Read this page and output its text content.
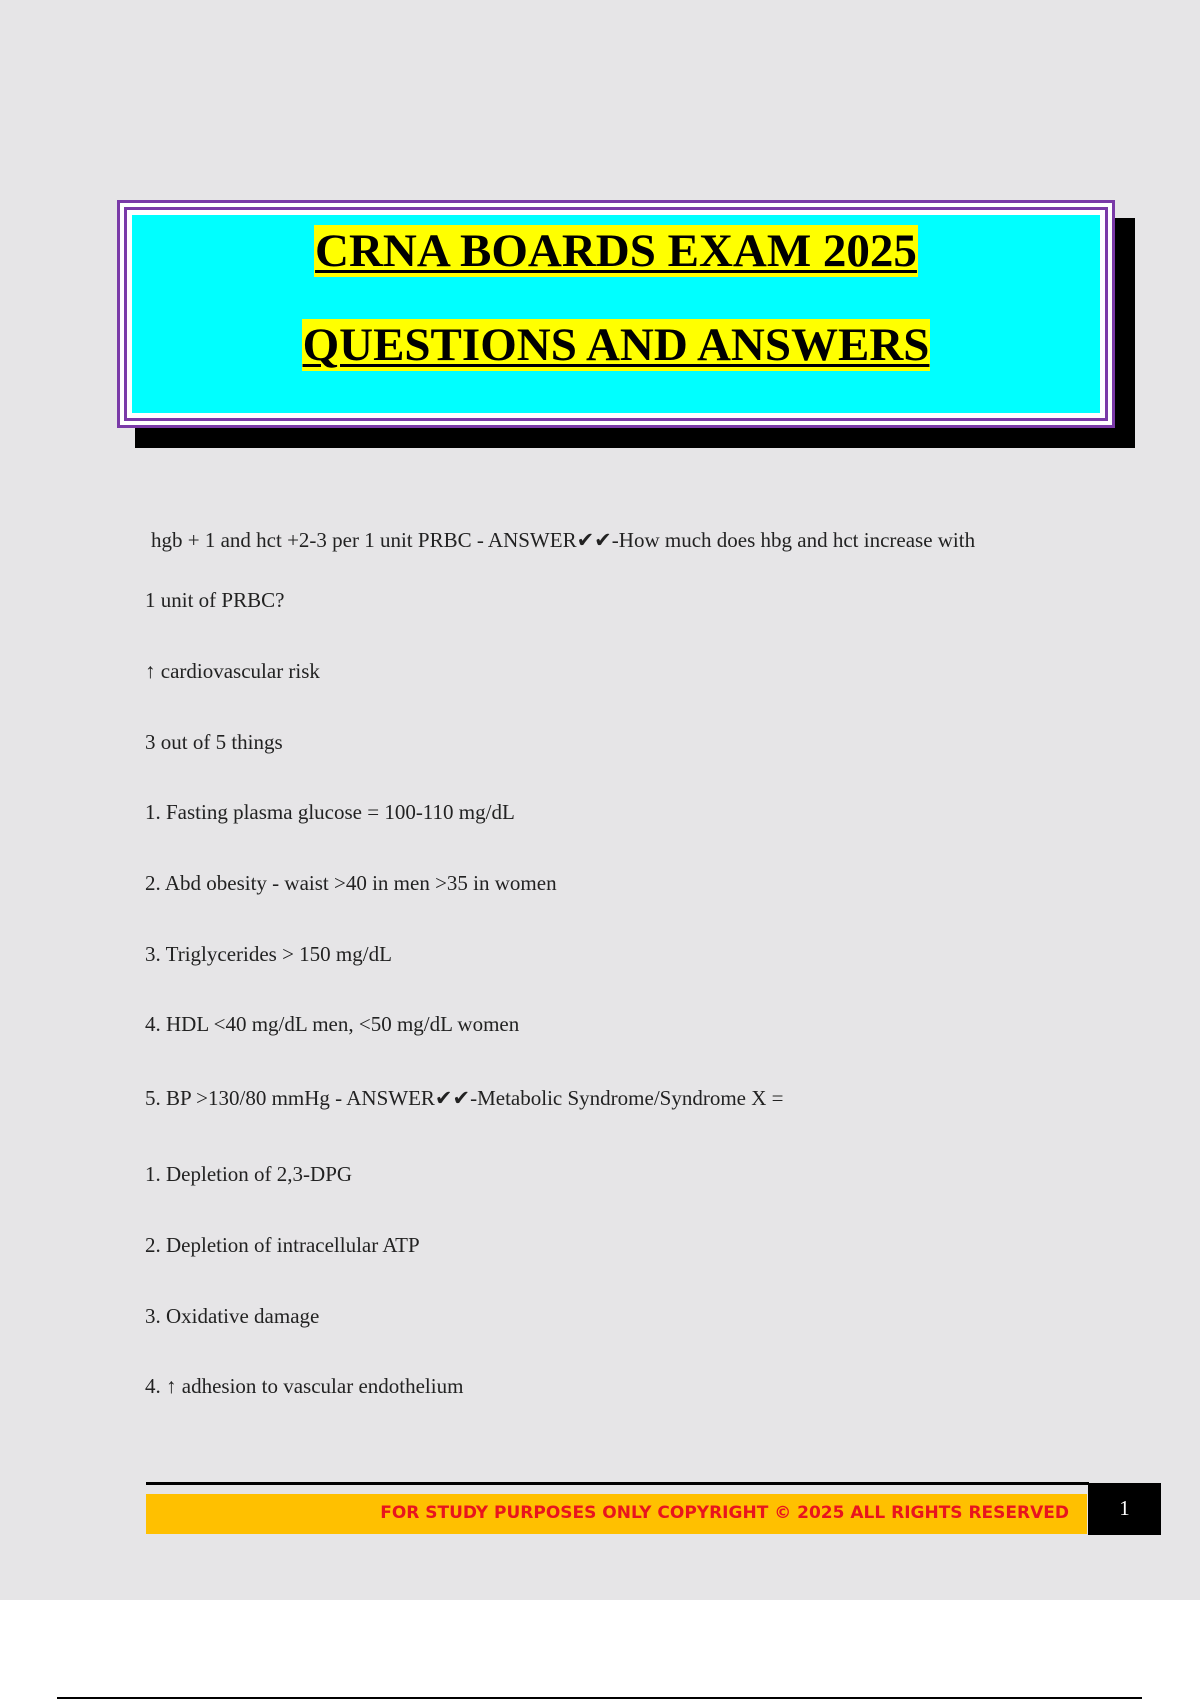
CRNA BOARDS EXAM 2025
QUESTIONS AND ANSWERS
hgb + 1 and hct +2-3 per 1 unit PRBC - ANSWER✔✔-How much does hbg and hct increase with
1 unit of PRBC?
↑ cardiovascular risk
3 out of 5 things
1. Fasting plasma glucose = 100-110 mg/dL
2. Abd obesity - waist >40 in men >35 in women
3. Triglycerides > 150 mg/dL
4. HDL <40 mg/dL men, <50 mg/dL women
5. BP >130/80 mmHg - ANSWER✔✔-Metabolic Syndrome/Syndrome X =
1. Depletion of 2,3-DPG
2. Depletion of intracellular ATP
3. Oxidative damage
4. ↑ adhesion to vascular endothelium
FOR STUDY PURPOSES ONLY COPYRIGHT © 2025 ALL RIGHTS RESERVED	1
